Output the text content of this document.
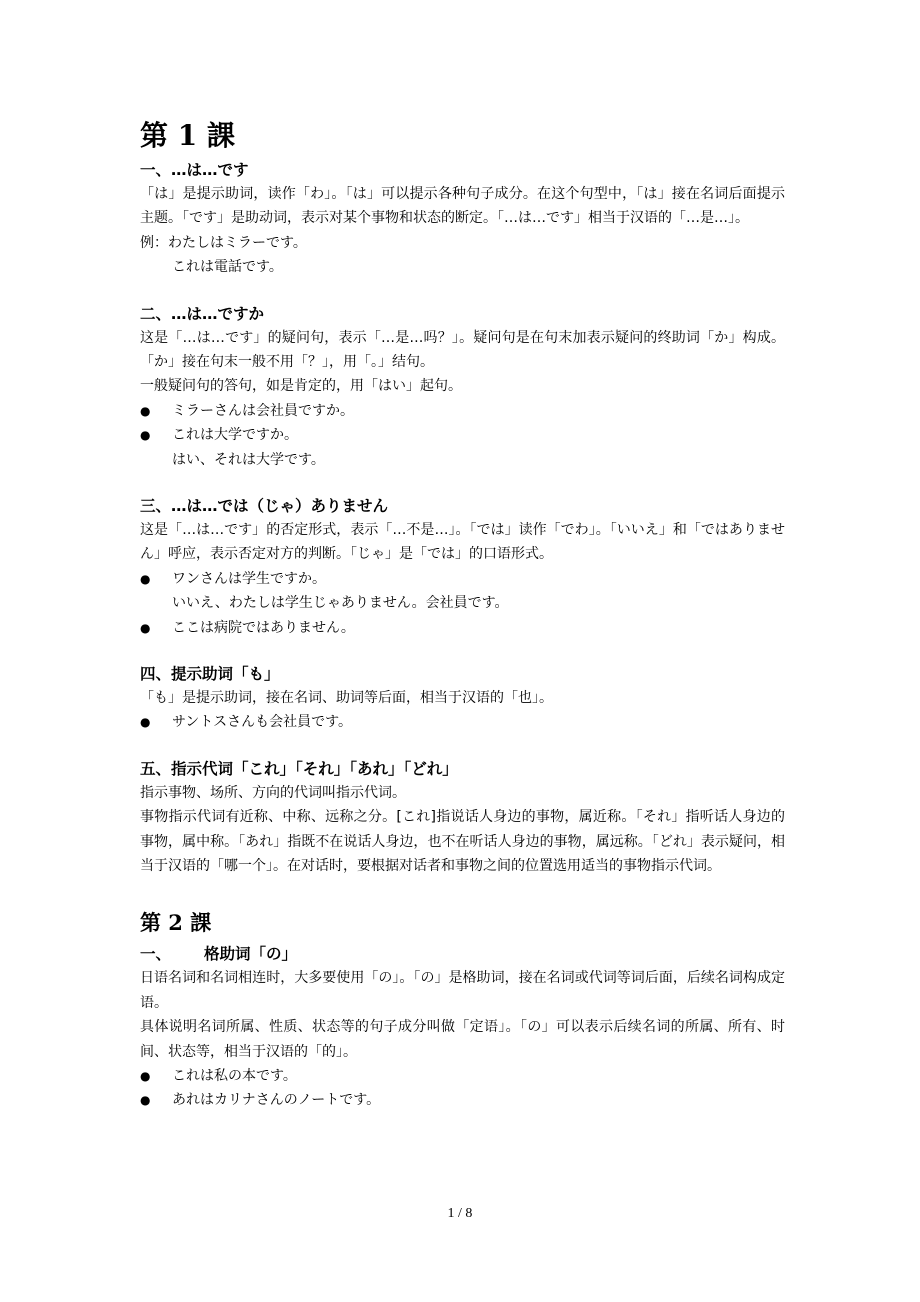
第 1 課
一、…は…です

「は」是提示助词，读作「わ」。「は」可以提示各种句子成分。在这个句型中，「は」接在名词后面提示主题。「です」是助动词，表示对某个事物和状态的断定。「…は…です」相当于汉语的「…是…」。

例：わたしはミラーです。

これは電話です。

二、…は…ですか

这是「…は…です」的疑问句，表示「…是…吗？」。疑问句是在句末加表示疑问的终助词「か」构成。「か」接在句末一般不用「？」，用「。」结句。

一般疑问句的答句，如是肯定的，用「はい」起句。

●	ミラーさんは会社員ですか。
●	これは大学ですか。

はい、それは大学です。

三、…は…では（じゃ）ありません

这是「…は…です」的否定形式，表示「…不是…」。「では」读作「でわ」。「いいえ」和「ではありません」呼应，表示否定对方的判断。「じゃ」是「では」的口语形式。

●	ワンさんは学生ですか。

いいえ、わたしは学生じゃありません。会社員です。

●	ここは病院ではありません。
四、提示助词「も」

「も」是提示助词，接在名词、助词等后面，相当于汉语的「也」。

●	サントスさんも会社員です。
五、指示代词「これ」「それ」「あれ」「どれ」

指示事物、场所、方向的代词叫指示代词。

事物指示代词有近称、中称、远称之分。[これ]指说话人身边的事物，属近称。「それ」指听话人身边的事物，属中称。「あれ」指既不在说话人身边，也不在听话人身边的事物，属远称。「どれ」表示疑问，相当于汉语的「哪一个」。在对话时，要根据对话者和事物之间的位置选用适当的事物指示代词。

第 2 課
一、 格助词「の」

日语名词和名词相连时，大多要使用「の」。「の」是格助词，接在名词或代词等词后面，后续名词构成定语。

具体说明名词所属、性质、状态等的句子成分叫做「定语」。「の」可以表示后续名词的所属、所有、时间、状态等，相当于汉语的「的」。

●	これは私の本です。
●	あれはカリナさんのノートです。
1 / 8
